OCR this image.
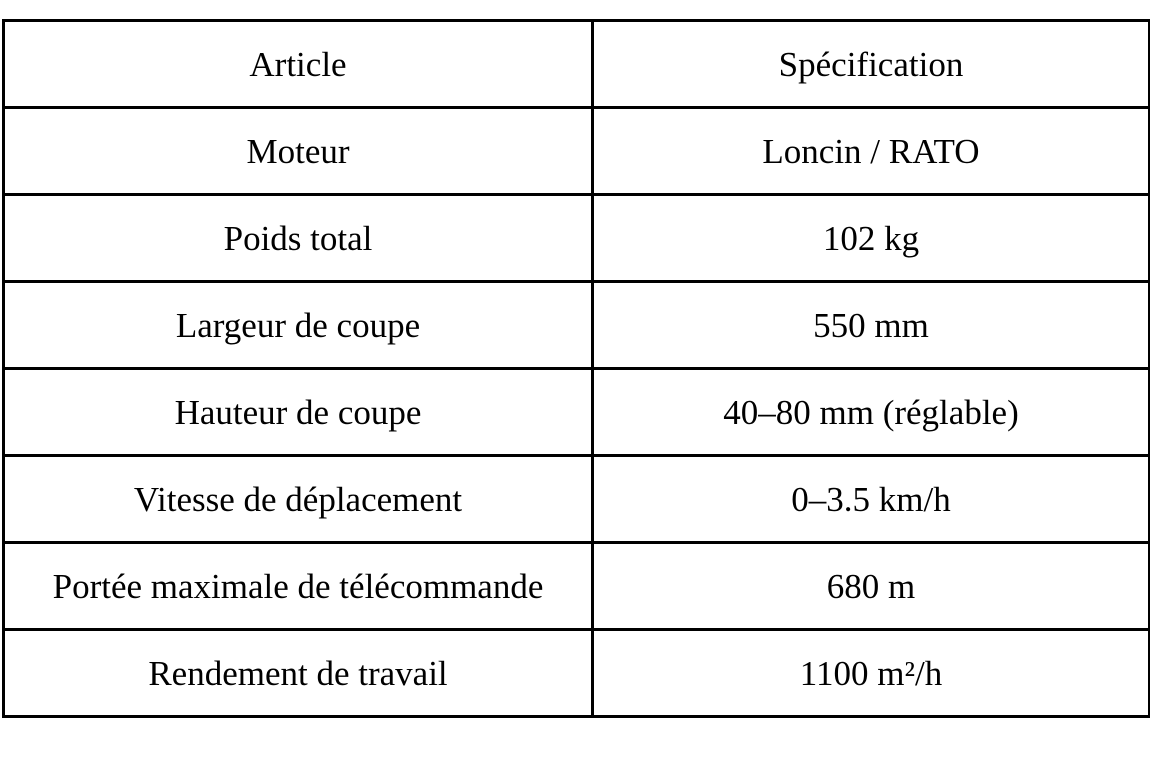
Article	Spécification
Moteur	Loncin / RATO
Poids total	102 kg
Largeur de coupe	550 mm
Hauteur de coupe	40–80 mm (réglable)
Vitesse de déplacement	0–3.5 km/h
Portée maximale de télécommande	680 m
Rendement de travail	1100 m²/h
